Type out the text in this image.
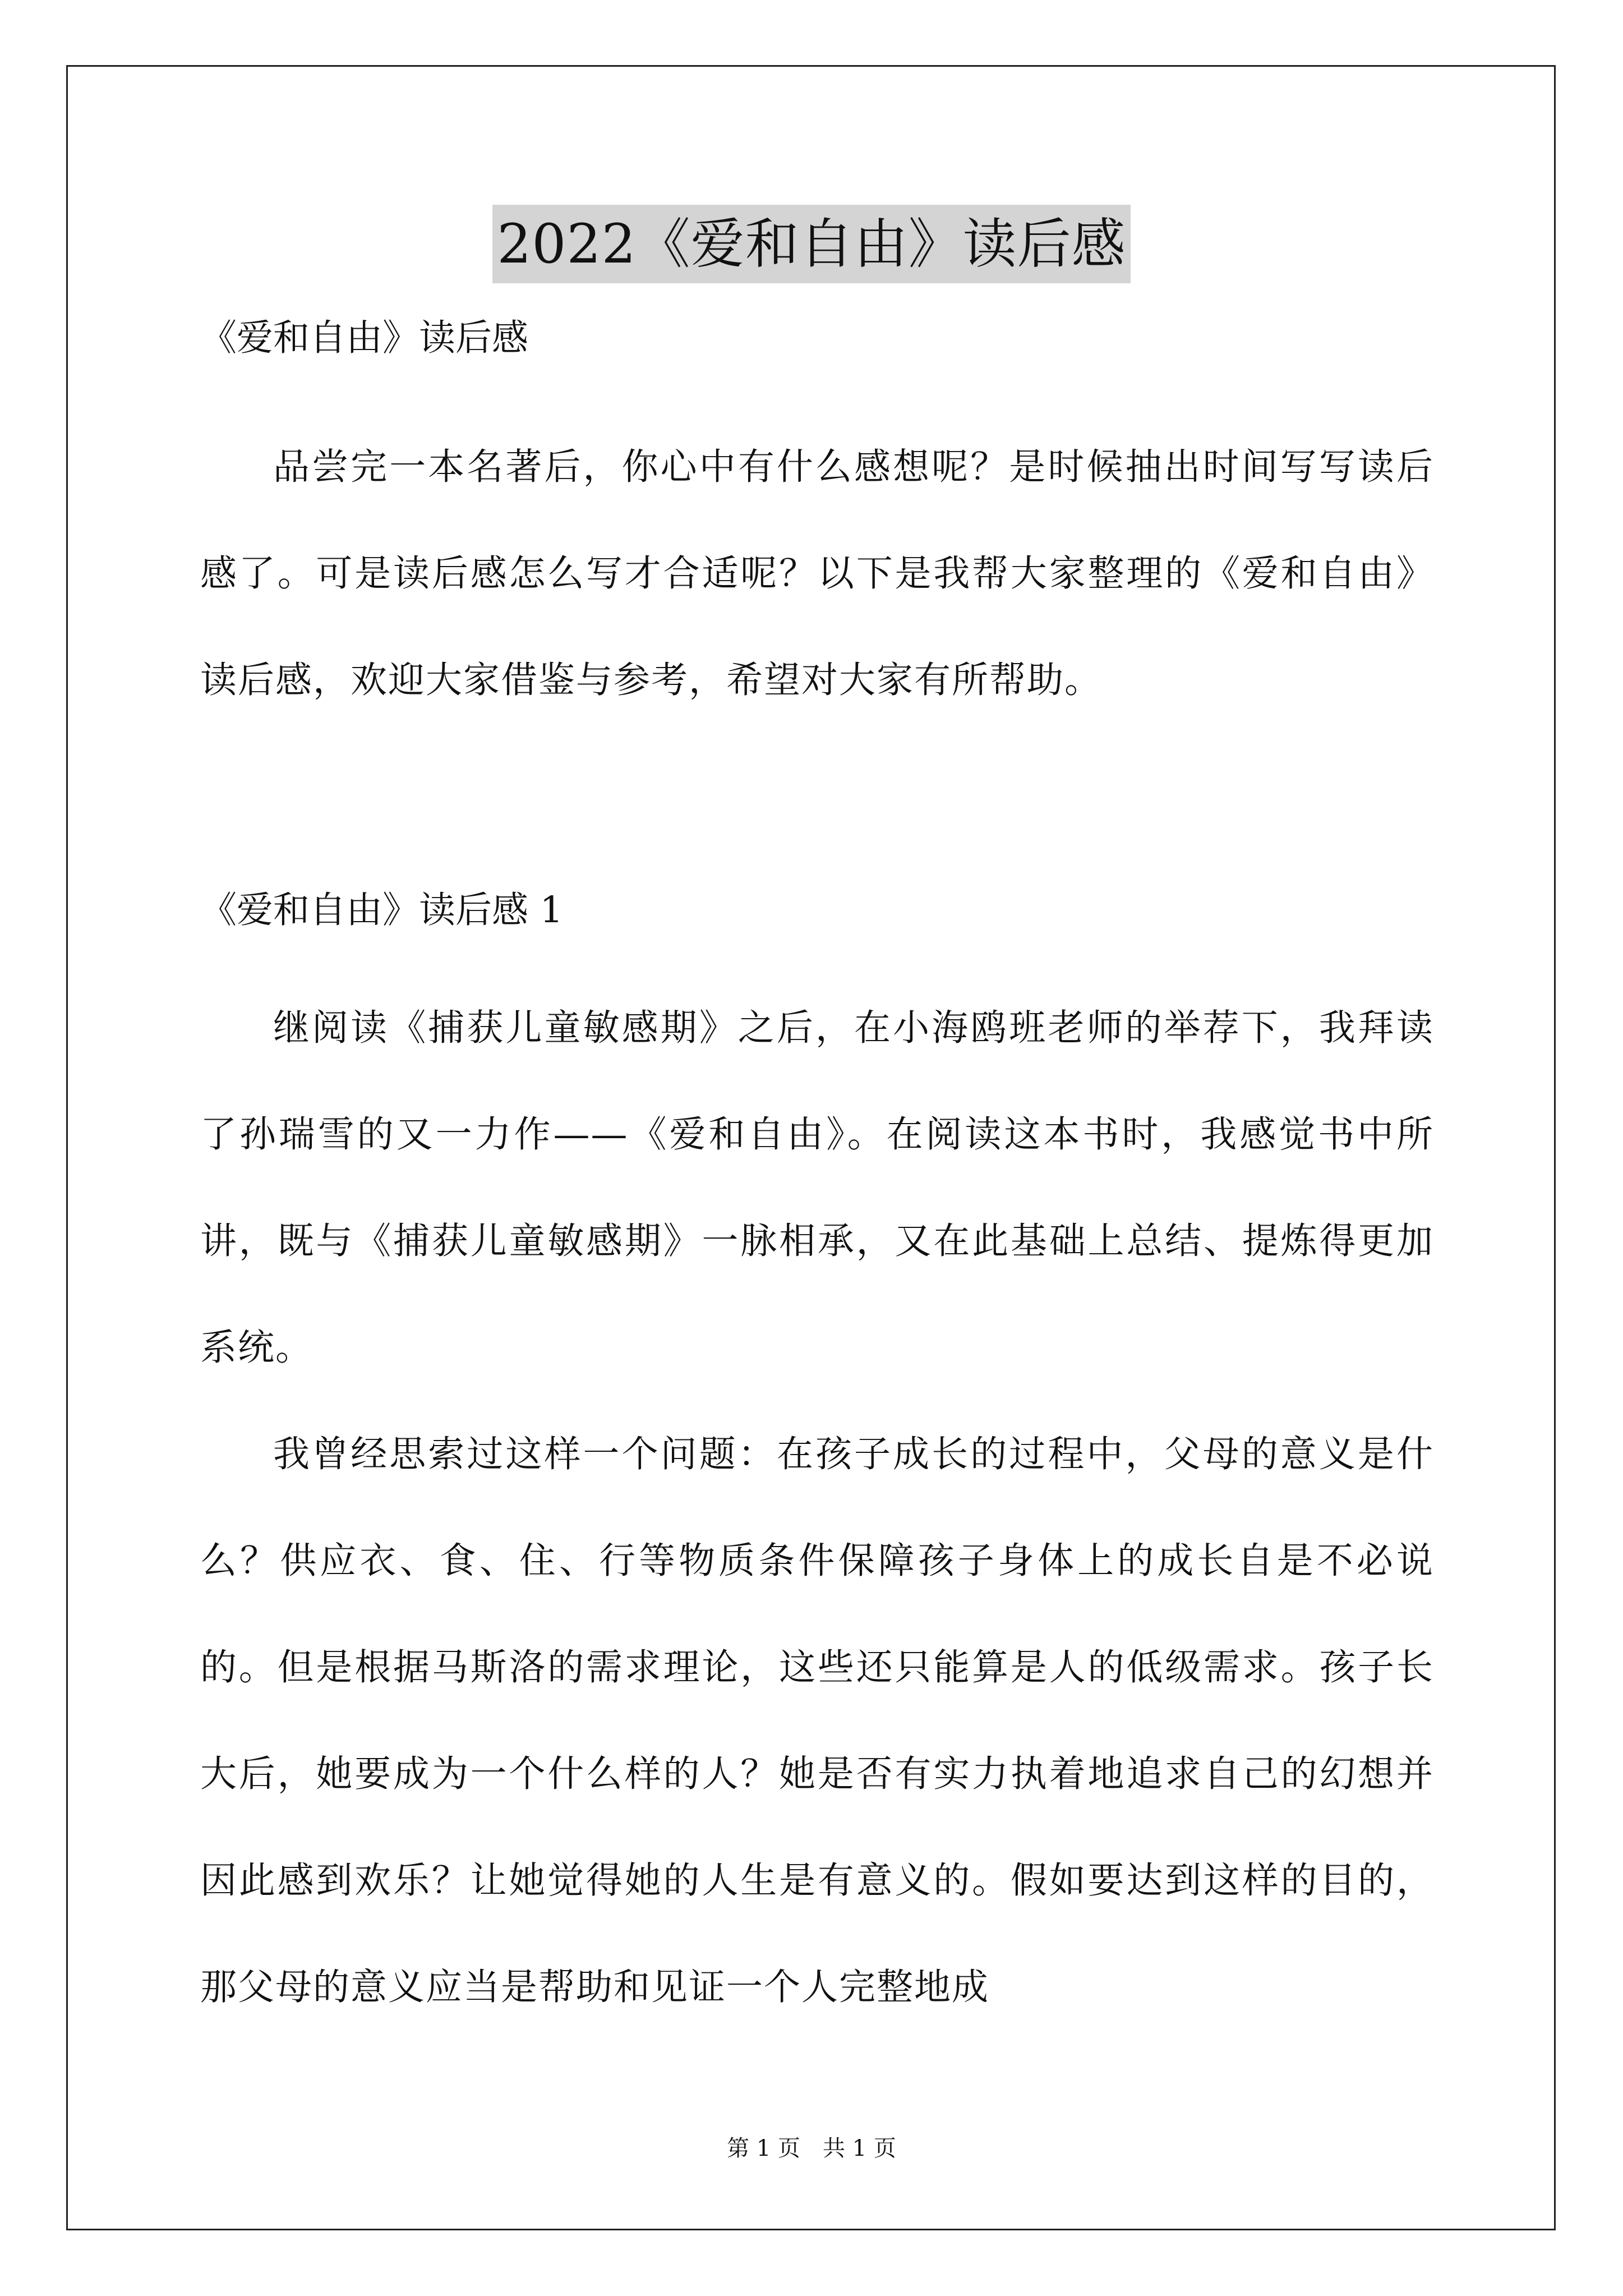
2022《爱和自由》读后感

《爱和自由》读后感

品尝完一本名著后，你心中有什么感想呢？是时候抽出时间写写读后感了。可是读后感怎么写才合适呢？以下是我帮大家整理的《爱和自由》读后感，欢迎大家借鉴与参考，希望对大家有所帮助。

《爱和自由》读后感 1

继阅读《捕获儿童敏感期》之后，在小海鸥班老师的举荐下，我拜读了孙瑞雪的又一力作——《爱和自由》。在阅读这本书时，我感觉书中所讲，既与《捕获儿童敏感期》一脉相承，又在此基础上总结、提炼得更加系统。

我曾经思索过这样一个问题：在孩子成长的过程中，父母的意义是什么？供应衣、食、住、行等物质条件保障孩子身体上的成长自是不必说的。但是根据马斯洛的需求理论，这些还只能算是人的低级需求。孩子长大后，她要成为一个什么样的人？她是否有实力执着地追求自己的幻想并因此感到欢乐？让她觉得她的人生是有意义的。假如要达到这样的目的，那父母的意义应当是帮助和见证一个人完整地成

第 1 页　共 1 页
